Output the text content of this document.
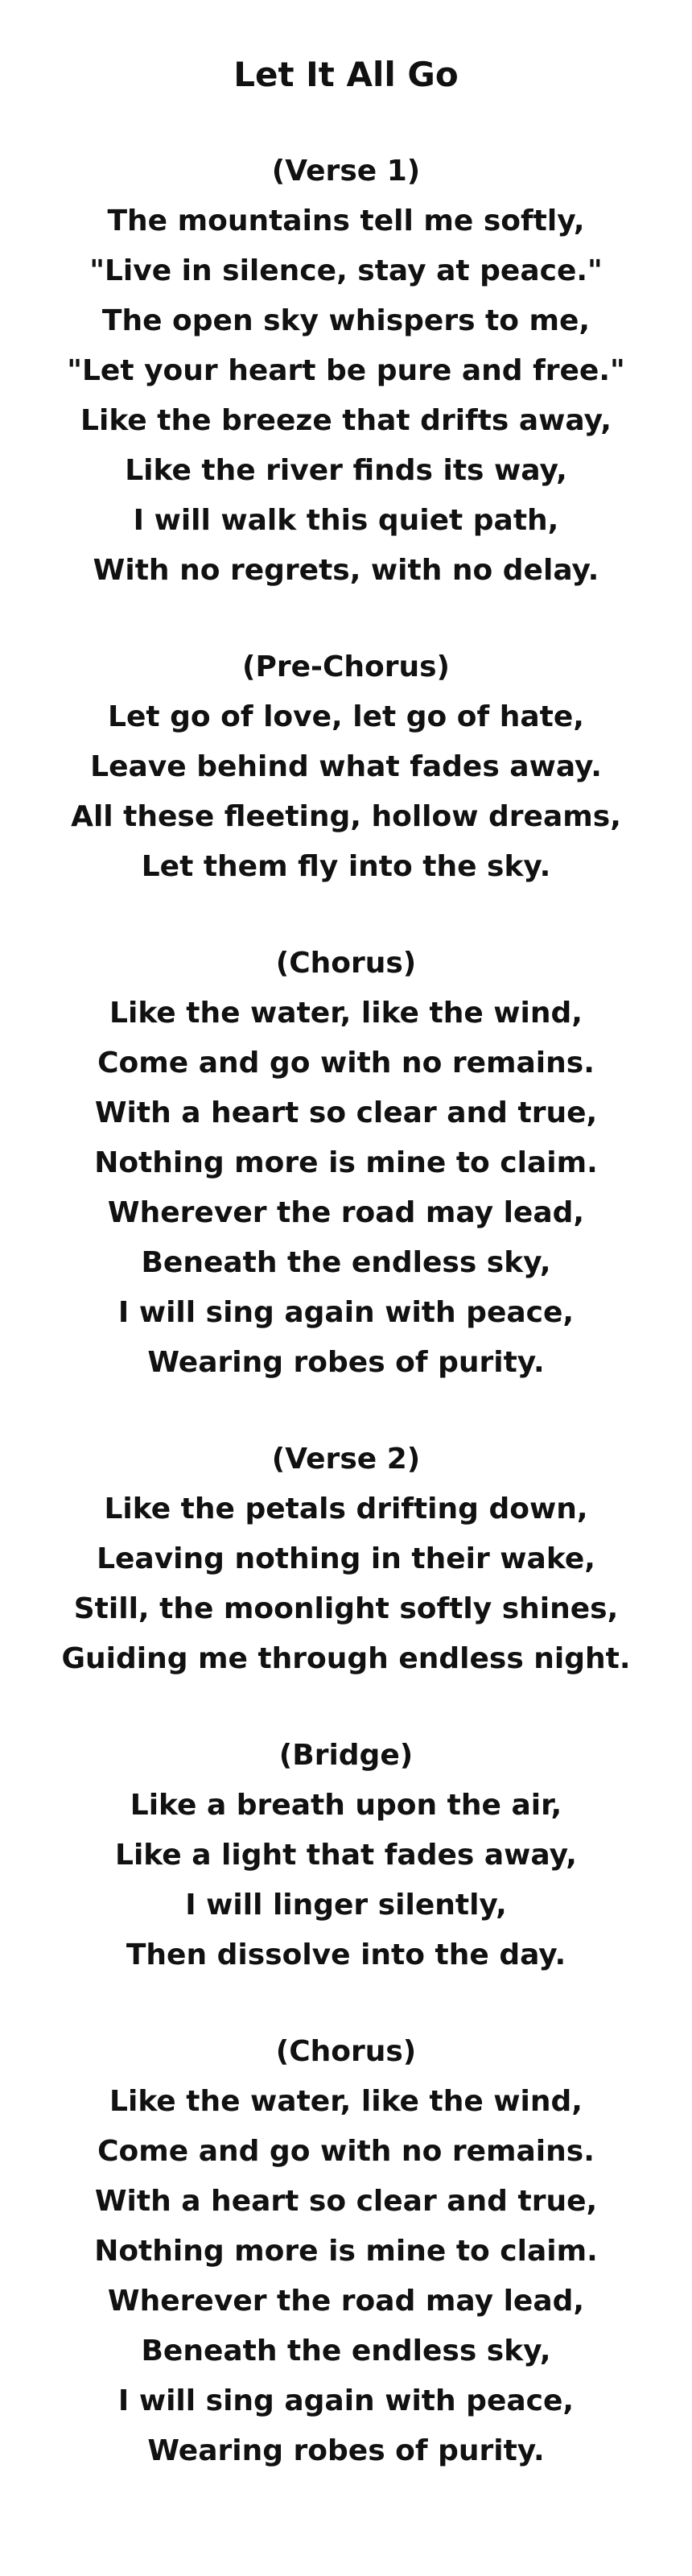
Let It All Go

(Verse 1)

The mountains tell me softly,

"Live in silence, stay at peace."

The open sky whispers to me,

"Let your heart be pure and free."

Like the breeze that drifts away,

Like the river finds its way,

I will walk this quiet path,

With no regrets, with no delay.

(Pre-Chorus)

Let go of love, let go of hate,

Leave behind what fades away.

All these fleeting, hollow dreams,

Let them fly into the sky.

(Chorus)

Like the water, like the wind,

Come and go with no remains.

With a heart so clear and true,

Nothing more is mine to claim.

Wherever the road may lead,

Beneath the endless sky,

I will sing again with peace,

Wearing robes of purity.

(Verse 2)

Like the petals drifting down,

Leaving nothing in their wake,

Still, the moonlight softly shines,

Guiding me through endless night.

(Bridge)

Like a breath upon the air,

Like a light that fades away,

I will linger silently,

Then dissolve into the day.

(Chorus)

Like the water, like the wind,

Come and go with no remains.

With a heart so clear and true,

Nothing more is mine to claim.

Wherever the road may lead,

Beneath the endless sky,

I will sing again with peace,

Wearing robes of purity.
